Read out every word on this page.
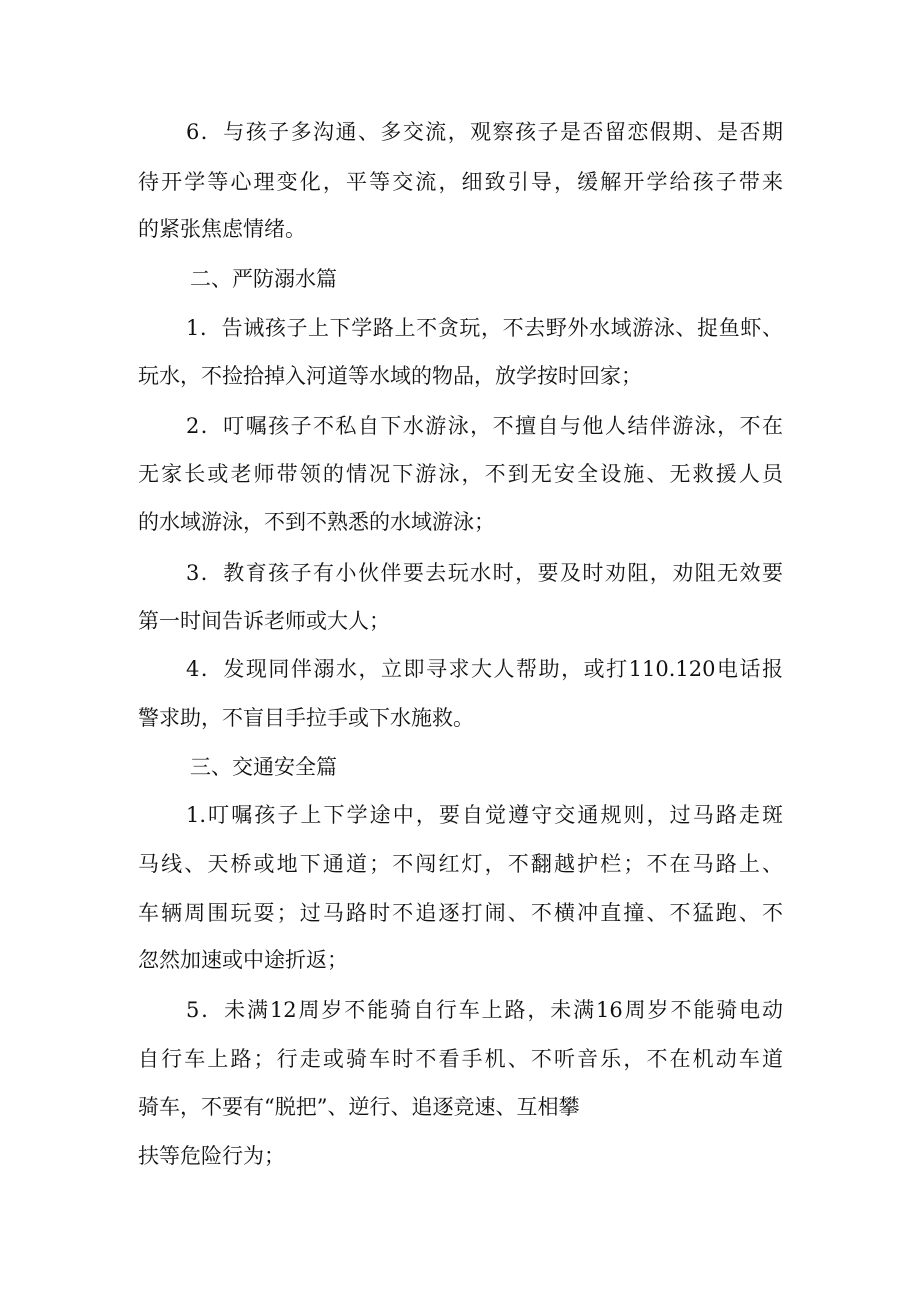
6．与孩子多沟通、多交流，观察孩子是否留恋假期、是否期

待开学等心理变化，平等交流，细致引导，缓解开学给孩子带来

的紧张焦虑情绪。

二、严防溺水篇

1．告诫孩子上下学路上不贪玩，不去野外水域游泳、捉鱼虾、

玩水，不捡拾掉入河道等水域的物品，放学按时回家；

2．叮嘱孩子不私自下水游泳，不擅自与他人结伴游泳，不在

无家长或老师带领的情况下游泳，不到无安全设施、无救援人员

的水域游泳，不到不熟悉的水域游泳；

3．教育孩子有小伙伴要去玩水时，要及时劝阻，劝阻无效要

第一时间告诉老师或大人；

4．发现同伴溺水，立即寻求大人帮助，或打110.120电话报

警求助，不盲目手拉手或下水施救。

三、交通安全篇

1.叮嘱孩子上下学途中，要自觉遵守交通规则，过马路走斑

马线、天桥或地下通道；不闯红灯，不翻越护栏；不在马路上、

车辆周围玩耍；过马路时不追逐打闹、不横冲直撞、不猛跑、不

忽然加速或中途折返；

5．未满12周岁不能骑自行车上路，未满16周岁不能骑电动

自行车上路；行走或骑车时不看手机、不听音乐，不在机动车道

骑车，不要有“脱把”、逆行、追逐竞速、互相攀

扶等危险行为；
